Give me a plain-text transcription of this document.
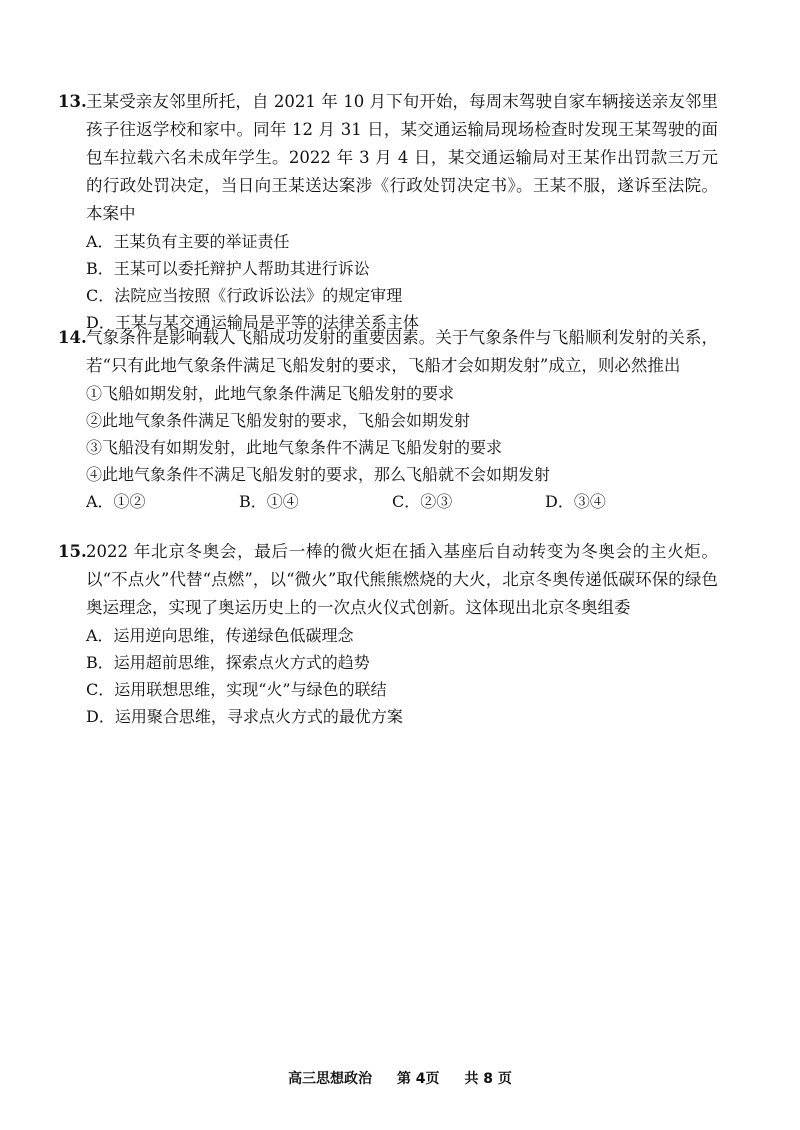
13. 王某受亲友邻里所托，自 2021 年 10 月下旬开始，每周末驾驶自家车辆接送亲友邻里孩子往返学校和家中。同年 12 月 31 日，某交通运输局现场检查时发现王某驾驶的面包车拉载六名未成年学生。2022 年 3 月 4 日，某交通运输局对王某作出罚款三万元的行政处罚决定，当日向王某送达案涉《行政处罚决定书》。王某不服，遂诉至法院。本案中
A．王某负有主要的举证责任
B．王某可以委托辩护人帮助其进行诉讼
C．法院应当按照《行政诉讼法》的规定审理
D．王某与某交通运输局是平等的法律关系主体
14. 气象条件是影响载人飞船成功发射的重要因素。关于气象条件与飞船顺利发射的关系，若“只有此地气象条件满足飞船发射的要求，飞船才会如期发射”成立，则必然推出
①飞船如期发射，此地气象条件满足飞船发射的要求
②此地气象条件满足飞船发射的要求，飞船会如期发射
③飞船没有如期发射，此地气象条件不满足飞船发射的要求
④此地气象条件不满足飞船发射的要求，那么飞船就不会如期发射
A．①②	B．①④	C．②③	D．③④
15. 2022 年北京冬奥会，最后一棒的微火炬在插入基座后自动转变为冬奥会的主火炬。以“不点火”代替“点燃”，以“微火”取代熊熊燃烧的大火，北京冬奥传递低碳环保的绿色奥运理念，实现了奥运历史上的一次点火仪式创新。这体现出北京冬奥组委
A．运用逆向思维，传递绿色低碳理念
B．运用超前思维，探索点火方式的趋势
C．运用联想思维，实现“火”与绿色的联结
D．运用聚合思维，寻求点火方式的最优方案
高三思想政治 第 4页 共 8 页
